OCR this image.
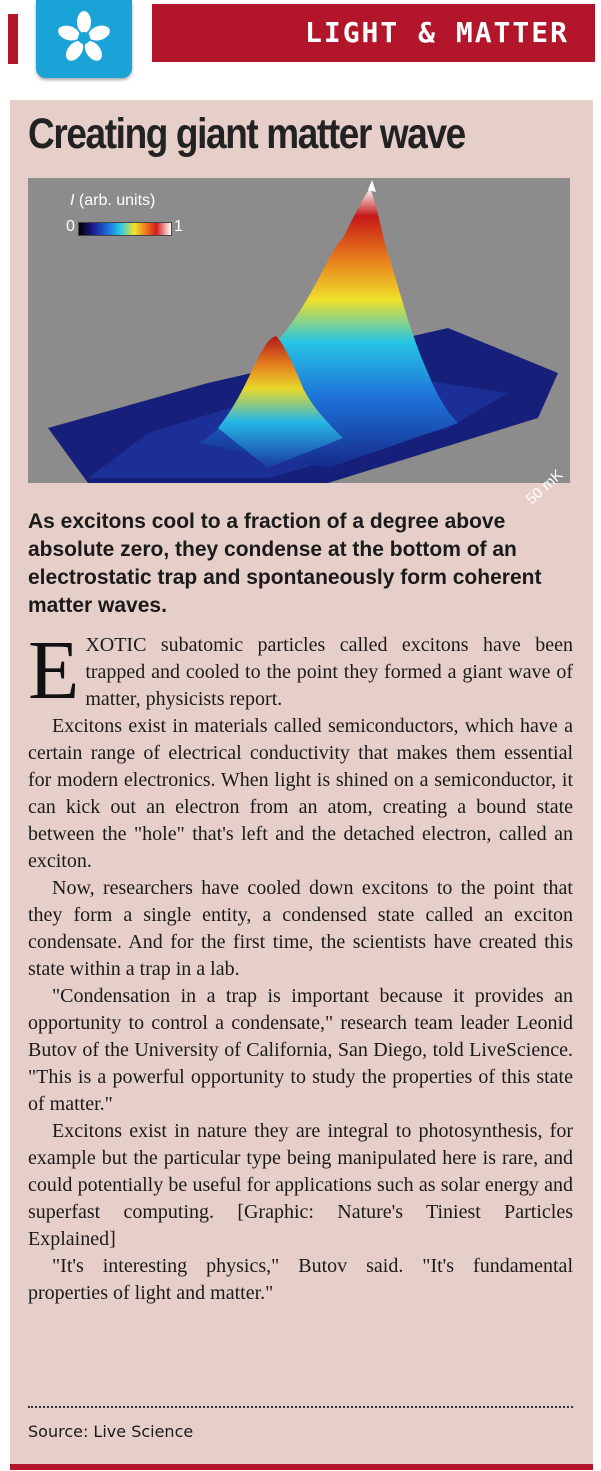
LIGHT & MATTER
Creating giant matter wave
I (arb. units)
0	1
50 mK
As excitons cool to a fraction of a degree above absolute zero, they condense at the bottom of an electrostatic trap and spontaneously form coherent matter waves.

EXOTIC subatomic particles called excitons have been trapped and cooled to the point they formed a giant wave of matter, physicists report.

Excitons exist in materials called semiconductors, which have a certain range of electrical conductivity that makes them essential for modern electronics. When light is shined on a semiconductor, it can kick out an electron from an atom, creating a bound state between the "hole" that's left and the detached electron, called an exciton.

Now, researchers have cooled down excitons to the point that they form a single entity, a condensed state called an exciton condensate. And for the first time, the scientists have created this state within a trap in a lab.

"Condensation in a trap is important because it provides an opportunity to control a condensate," research team leader Leonid Butov of the University of California, San Diego, told LiveScience. "This is a powerful opportunity to study the properties of this state of matter."

Excitons exist in nature they are integral to photosynthesis, for example but the particular type being manipulated here is rare, and could potentially be useful for applications such as solar energy and superfast computing. [Graphic: Nature's Tiniest Particles Explained]

"It's interesting physics," Butov said. "It's fundamental properties of light and matter."

Source: Live Science
